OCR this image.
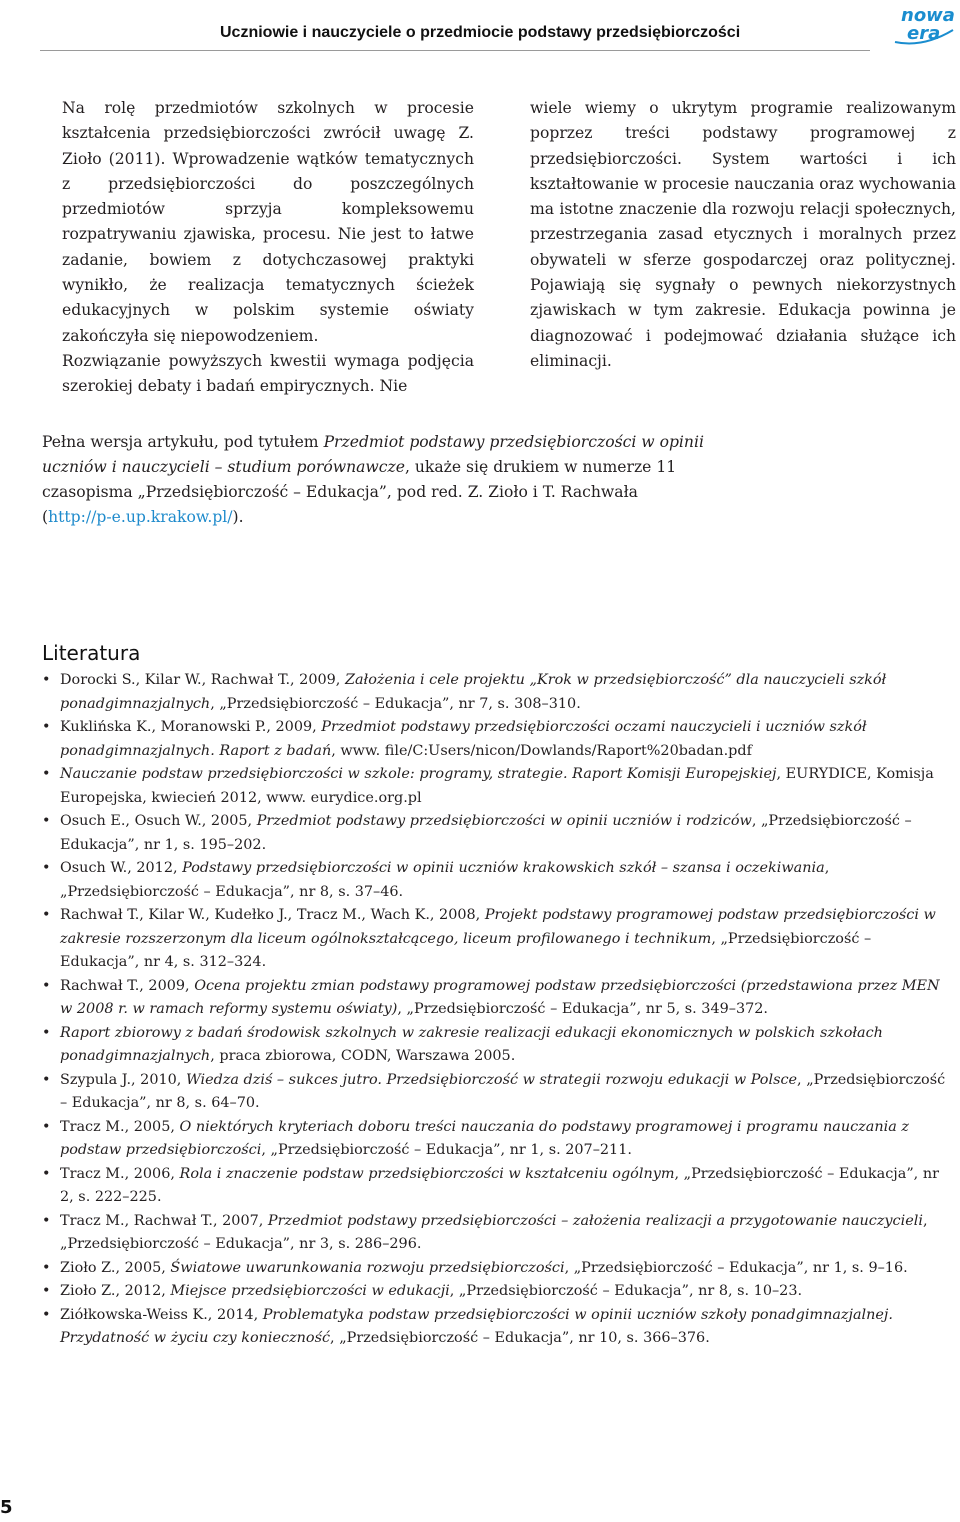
Uczniowie i nauczyciele o przedmiocie podstawy przedsiębiorczości
nowa
era

Na rolę przedmiotów szkolnych w procesie kształcenia przedsiębiorczości zwrócił uwagę Z. Zioło (2011). Wprowadzenie wątków tematycznych z przedsiębiorczości do poszczególnych przedmiotów sprzyja kompleksowemu rozpatrywaniu zjawiska, procesu. Nie jest to łatwe zadanie, bowiem z dotychczasowej praktyki wynikło, że realizacja tematycznych ścieżek edukacyjnych w polskim systemie oświaty zakończyła się niepowodzeniem.

Rozwiązanie powyższych kwestii wymaga podjęcia szerokiej debaty i badań empirycznych. Nie

wiele wiemy o ukrytym programie realizowanym poprzez treści podstawy programowej z przedsiębiorczości. System wartości i ich kształtowanie w procesie nauczania oraz wychowania ma istotne znaczenie dla rozwoju relacji społecznych, przestrzegania zasad etycznych i moralnych przez obywateli w sferze gospodarczej oraz politycznej. Pojawiają się sygnały o pewnych niekorzystnych zjawiskach w tym zakresie. Edukacja powinna je diagnozować i podejmować działania służące ich eliminacji.

Pełna wersja artykułu, pod tytułem Przedmiot podstawy przedsiębiorczości w opinii uczniów i nauczycieli – studium porównawcze, ukaże się drukiem w numerze 11 czasopisma „Przedsiębiorczość – Edukacja”, pod red. Z. Zioło i T. Rachwała (http://p-e.up.krakow.pl/).
Literatura
• Dorocki S., Kilar W., Rachwał T., 2009, Założenia i cele projektu „Krok w przedsiębiorczość” dla nauczycieli szkół ponadgimnazjalnych, „Przedsiębiorczość – Edukacja”, nr 7, s. 308–310.
• Kuklińska K., Moranowski P., 2009, Przedmiot podstawy przedsiębiorczości oczami nauczycieli i uczniów szkół ponadgimnazjalnych. Raport z badań, www. file/C:Users/nicon/Dowlands/Raport%20badan.pdf
• Nauczanie podstaw przedsiębiorczości w szkole: programy, strategie. Raport Komisji Europejskiej, EURYDICE, Komisja Europejska, kwiecień 2012, www. eurydice.org.pl
• Osuch E., Osuch W., 2005, Przedmiot podstawy przedsiębiorczości w opinii uczniów i rodziców, „Przedsiębiorczość – Edukacja”, nr 1, s. 195–202.
• Osuch W., 2012, Podstawy przedsiębiorczości w opinii uczniów krakowskich szkół – szansa i oczekiwania, „Przedsiębiorczość – Edukacja”, nr 8, s. 37–46.
• Rachwał T., Kilar W., Kudełko J., Tracz M., Wach K., 2008, Projekt podstawy programowej podstaw przedsiębiorczości w zakresie rozszerzonym dla liceum ogólnokształcącego, liceum profilowanego i technikum, „Przedsiębiorczość – Edukacja”, nr 4, s. 312–324.
• Rachwał T., 2009, Ocena projektu zmian podstawy programowej podstaw przedsiębiorczości (przedstawiona przez MEN w 2008 r. w ramach reformy systemu oświaty), „Przedsiębiorczość – Edukacja”, nr 5, s. 349–372.
• Raport zbiorowy z badań środowisk szkolnych w zakresie realizacji edukacji ekonomicznych w polskich szkołach ponadgimnazjalnych, praca zbiorowa, CODN, Warszawa 2005.
• Szypula J., 2010, Wiedza dziś – sukces jutro. Przedsiębiorczość w strategii rozwoju edukacji w Polsce, „Przedsiębiorczość – Edukacja”, nr 8, s. 64–70.
• Tracz M., 2005, O niektórych kryteriach doboru treści nauczania do podstawy programowej i programu nauczania z podstaw przedsiębiorczości, „Przedsiębiorczość – Edukacja”, nr 1, s. 207–211.
• Tracz M., 2006, Rola i znaczenie podstaw przedsiębiorczości w kształceniu ogólnym, „Przedsiębiorczość – Edukacja”, nr 2, s. 222–225.
• Tracz M., Rachwał T., 2007, Przedmiot podstawy przedsiębiorczości – założenia realizacji a przygotowanie nauczycieli, „Przedsiębiorczość – Edukacja”, nr 3, s. 286–296.
• Zioło Z., 2005, Światowe uwarunkowania rozwoju przedsiębiorczości, „Przedsiębiorczość – Edukacja”, nr 1, s. 9–16.
• Zioło Z., 2012, Miejsce przedsiębiorczości w edukacji, „Przedsiębiorczość – Edukacja”, nr 8, s. 10–23.
• Ziółkowska-Weiss K., 2014, Problematyka podstaw przedsiębiorczości w opinii uczniów szkoły ponadgimnazjalnej. Przydatność w życiu czy konieczność, „Przedsiębiorczość – Edukacja”, nr 10, s. 366–376.
5
